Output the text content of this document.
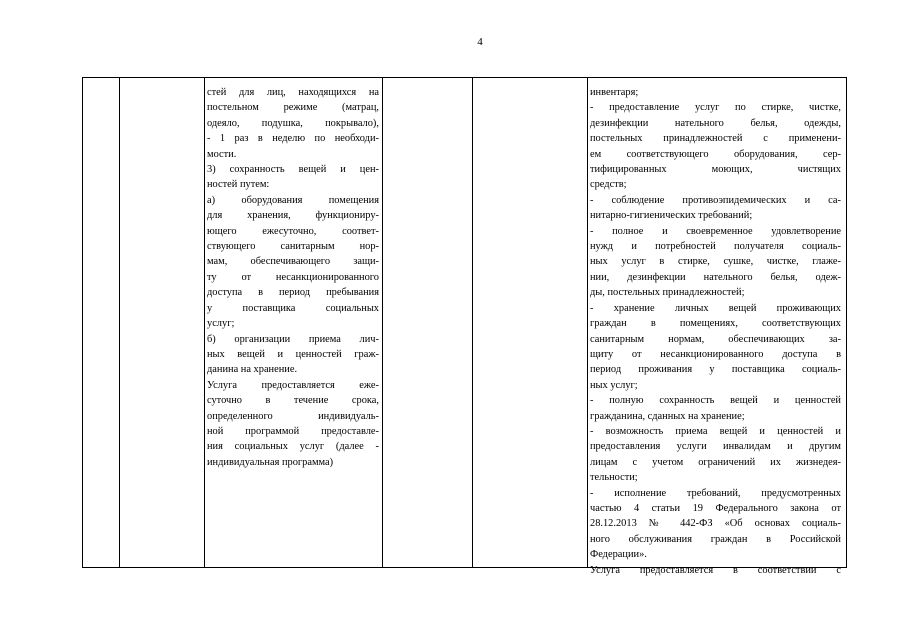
4
стей для лиц, находящихся на
постельном режиме (матрац,
одеяло, подушка, покрывало),
- 1 раз в неделю по необходи-
мости.
3) сохранность вещей и цен-
ностей путем:
а) оборудования помещения
для хранения, функциониру-
ющего ежесуточно, соответ-
ствующего санитарным нор-
мам, обеспечивающего защи-
ту от несанкционированного
доступа в период пребывания
у поставщика социальных
услуг;
б) организации приема лич-
ных вещей и ценностей граж-
данина на хранение.
Услуга предоставляется еже-
суточно в течение срока,
определенного индивидуаль-
ной программой предоставле-
ния социальных услуг (далее -
индивидуальная программа)
инвентаря;
- предоставление услуг по стирке, чистке,
дезинфекции нательного белья, одежды,
постельных принадлежностей с применени-
ем соответствующего оборудования, сер-
тифицированных моющих, чистящих
средств;
- соблюдение противоэпидемических и са-
нитарно-гигиенических требований;
- полное и своевременное удовлетворение
нужд и потребностей получателя социаль-
ных услуг в стирке, сушке, чистке, глаже-
нии, дезинфекции нательного белья, одеж-
ды, постельных принадлежностей;
- хранение личных вещей проживающих
граждан в помещениях, соответствующих
санитарным нормам, обеспечивающих за-
щиту от несанкционированного доступа в
период проживания у поставщика социаль-
ных услуг;
- полную сохранность вещей и ценностей
гражданина, сданных на хранение;
- возможность приема вещей и ценностей и
предоставления услуги инвалидам и другим
лицам с учетом ограничений их жизнедея-
тельности;
- исполнение требований, предусмотренных
частью 4 статьи 19 Федерального закона от
28.12.2013 № 442-ФЗ «Об основах социаль-
ного обслуживания граждан в Российской
Федерации».
Услуга предоставляется в соответствии с
